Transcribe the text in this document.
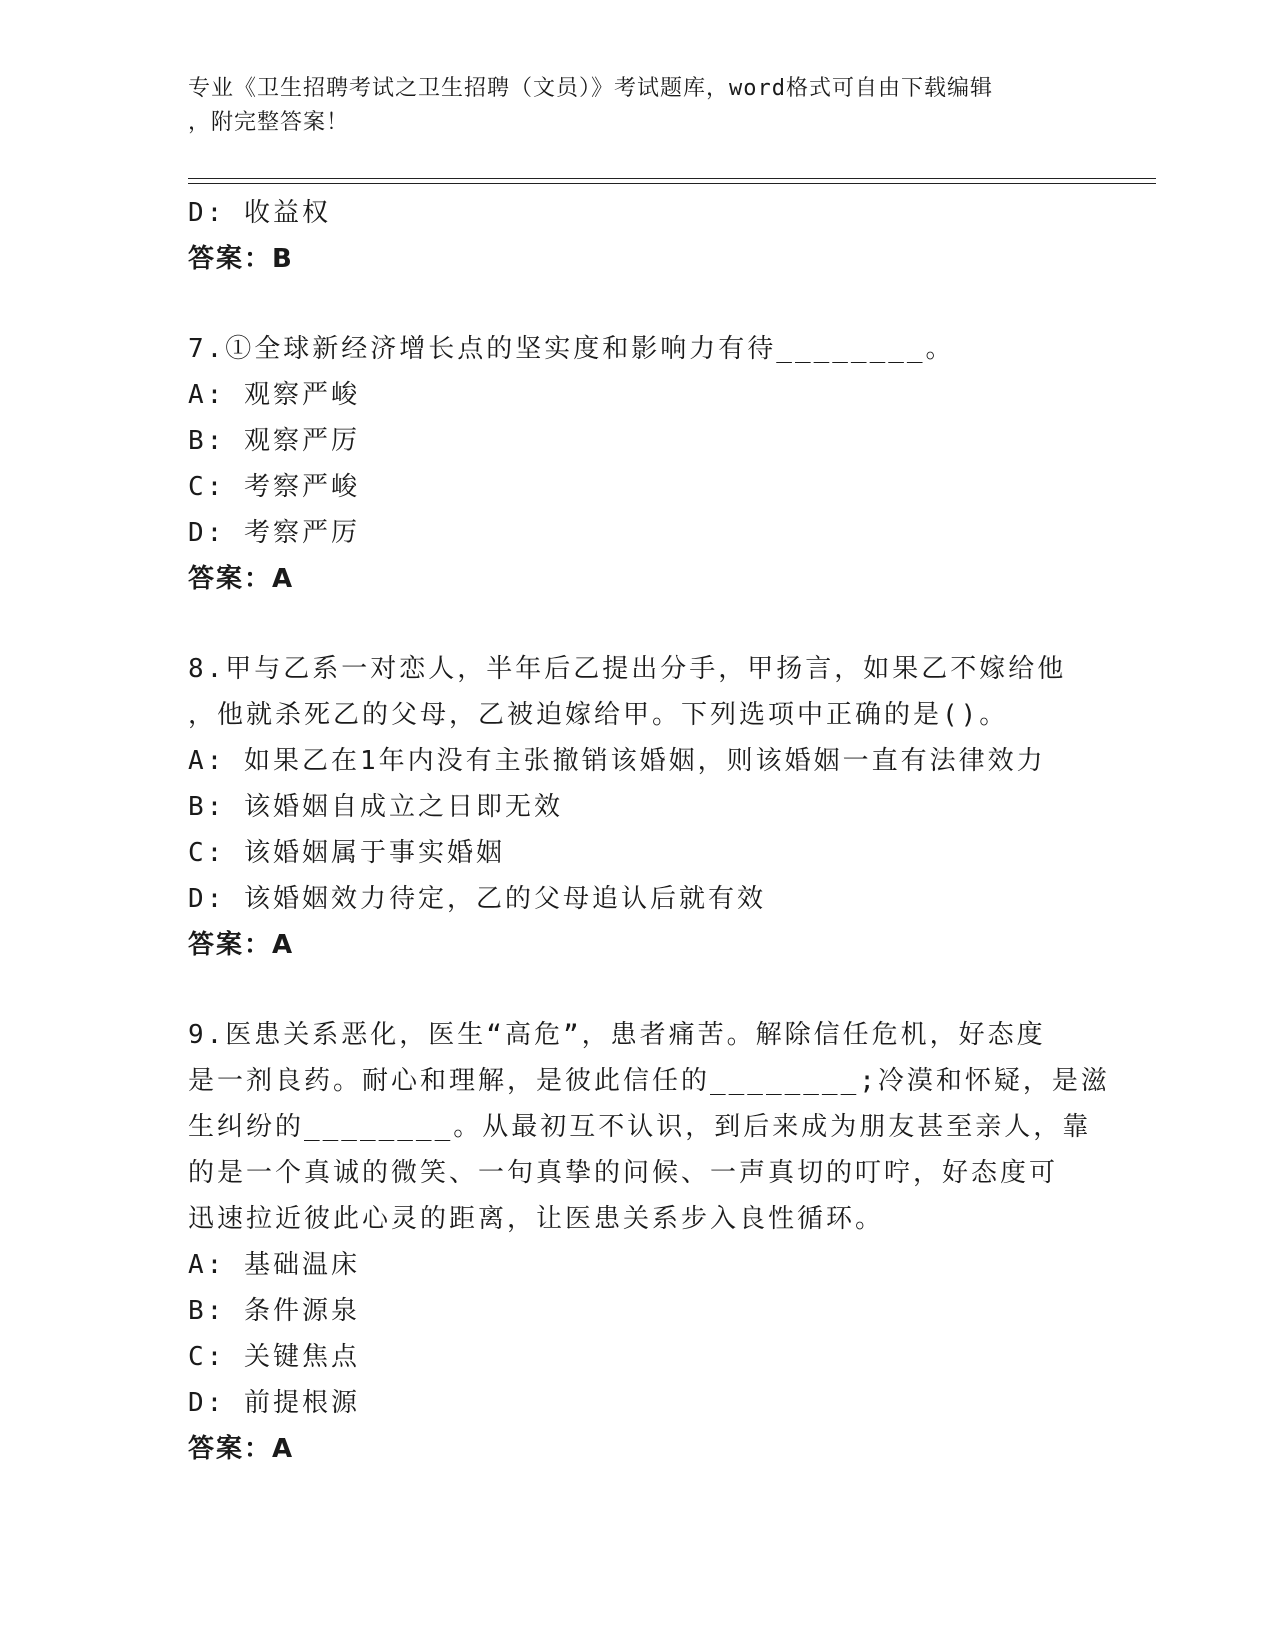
专业《卫生招聘考试之卫生招聘（文员）》考试题库，word格式可自由下载编辑
，附完整答案！
D: 收益权
答案：B
7.①全球新经济增长点的坚实度和影响力有待________。
A: 观察严峻
B: 观察严厉
C: 考察严峻
D: 考察严厉
答案：A
8.甲与乙系一对恋人，半年后乙提出分手，甲扬言，如果乙不嫁给他
，他就杀死乙的父母，乙被迫嫁给甲。下列选项中正确的是()。
A: 如果乙在1年内没有主张撤销该婚姻，则该婚姻一直有法律效力
B: 该婚姻自成立之日即无效
C: 该婚姻属于事实婚姻
D: 该婚姻效力待定，乙的父母追认后就有效
答案：A
9.医患关系恶化，医生“高危”，患者痛苦。解除信任危机，好态度
是一剂良药。耐心和理解，是彼此信任的________;冷漠和怀疑，是滋
生纠纷的________。从最初互不认识，到后来成为朋友甚至亲人，靠
的是一个真诚的微笑、一句真挚的问候、一声真切的叮咛，好态度可
迅速拉近彼此心灵的距离，让医患关系步入良性循环。
A: 基础温床
B: 条件源泉
C: 关键焦点
D: 前提根源
答案：A
